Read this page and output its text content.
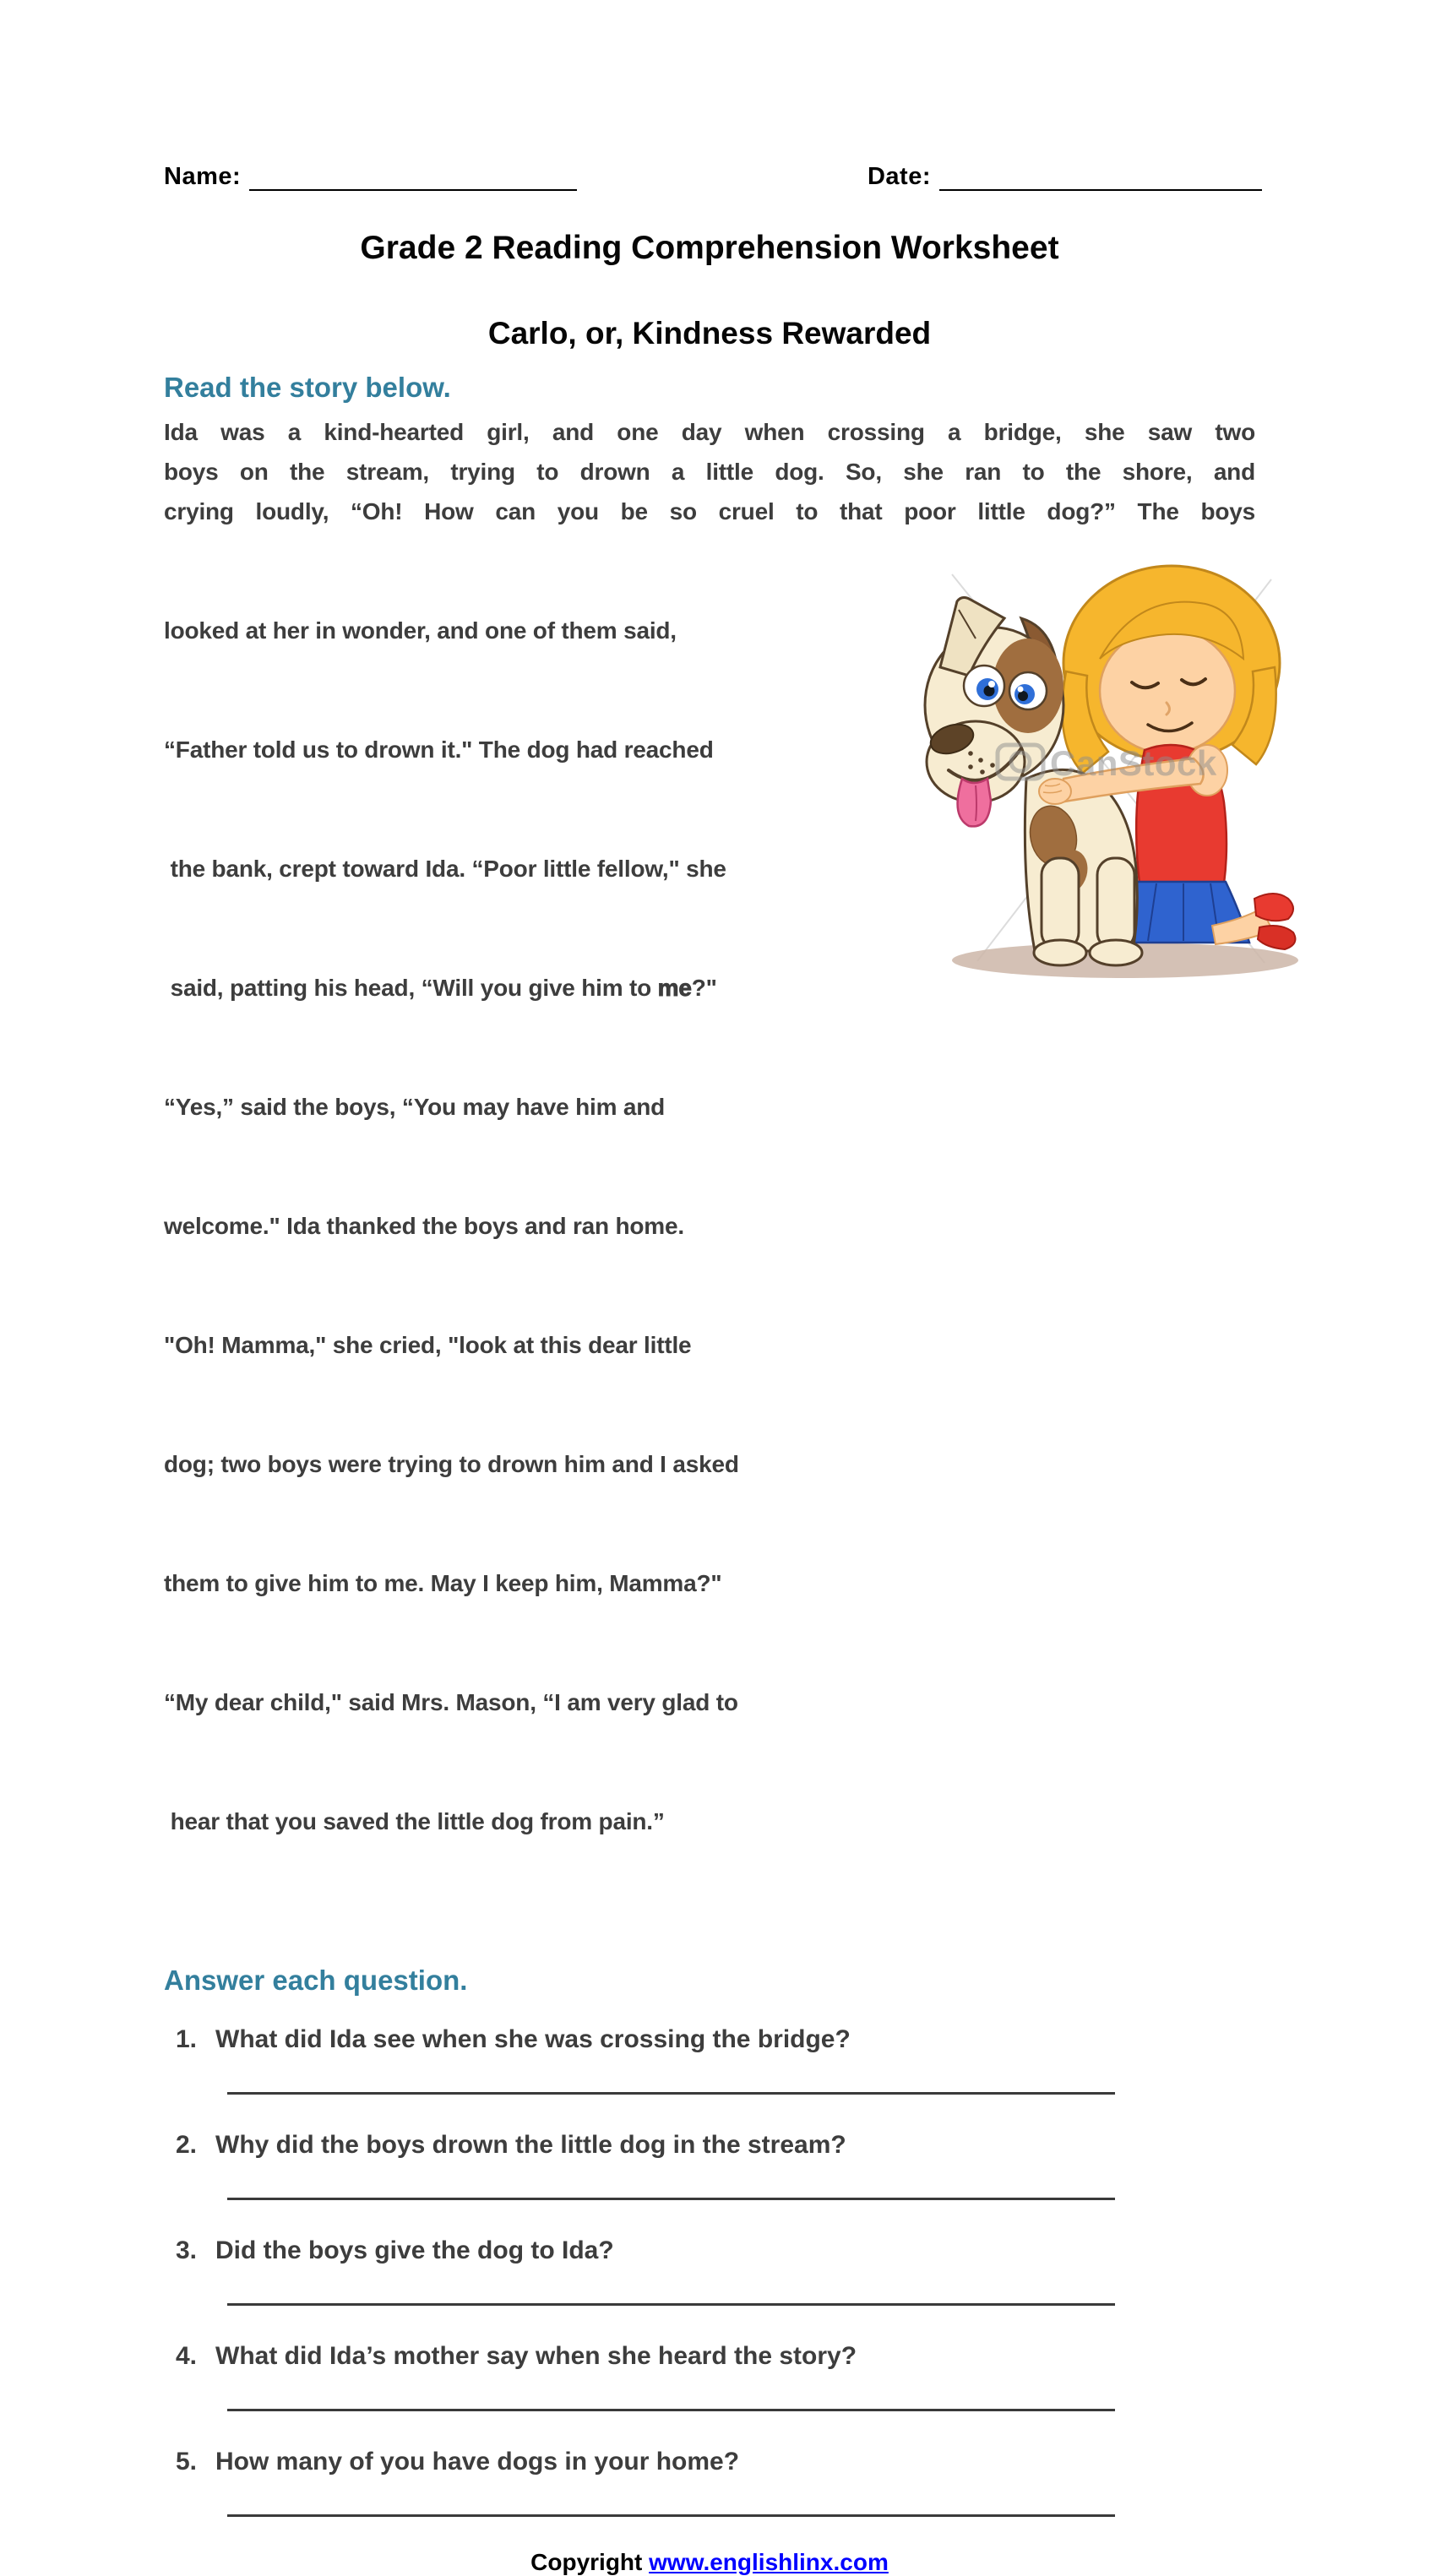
Name:	Date:
Grade 2 Reading Comprehension Worksheet
Carlo, or, Kindness Rewarded
Read the story below.
Ida was a kind-hearted girl, and one day when crossing a bridge, she saw two
boys on the stream, trying to drown a little dog. So, she ran to the shore, and
crying loudly, “Oh! How can you be so cruel to that poor little dog?” The boys

looked at her in wonder, and one of them said,

“Father told us to drown it." The dog had reached

the bank, crept toward Ida. “Poor little fellow," she

said, patting his head, “Will you give him to me?"

“Yes,” said the boys, “You may have him and

welcome." Ida thanked the boys and ran home.

"Oh! Mamma," she cried, "look at this dear little

dog; two boys were trying to drown him and I asked

them to give him to me. May I keep him, Mamma?"

“My dear child," said Mrs. Mason, “I am very glad to

hear that you saved the little dog from pain.”

CanStock
Answer each question.
1. What did Ida see when she was crossing the bridge?
2. Why did the boys drown the little dog in the stream?
3. Did the boys give the dog to Ida?
4. What did Ida’s mother say when she heard the story?
5. How many of you have dogs in your home?
Copyright www.englishlinx.com
